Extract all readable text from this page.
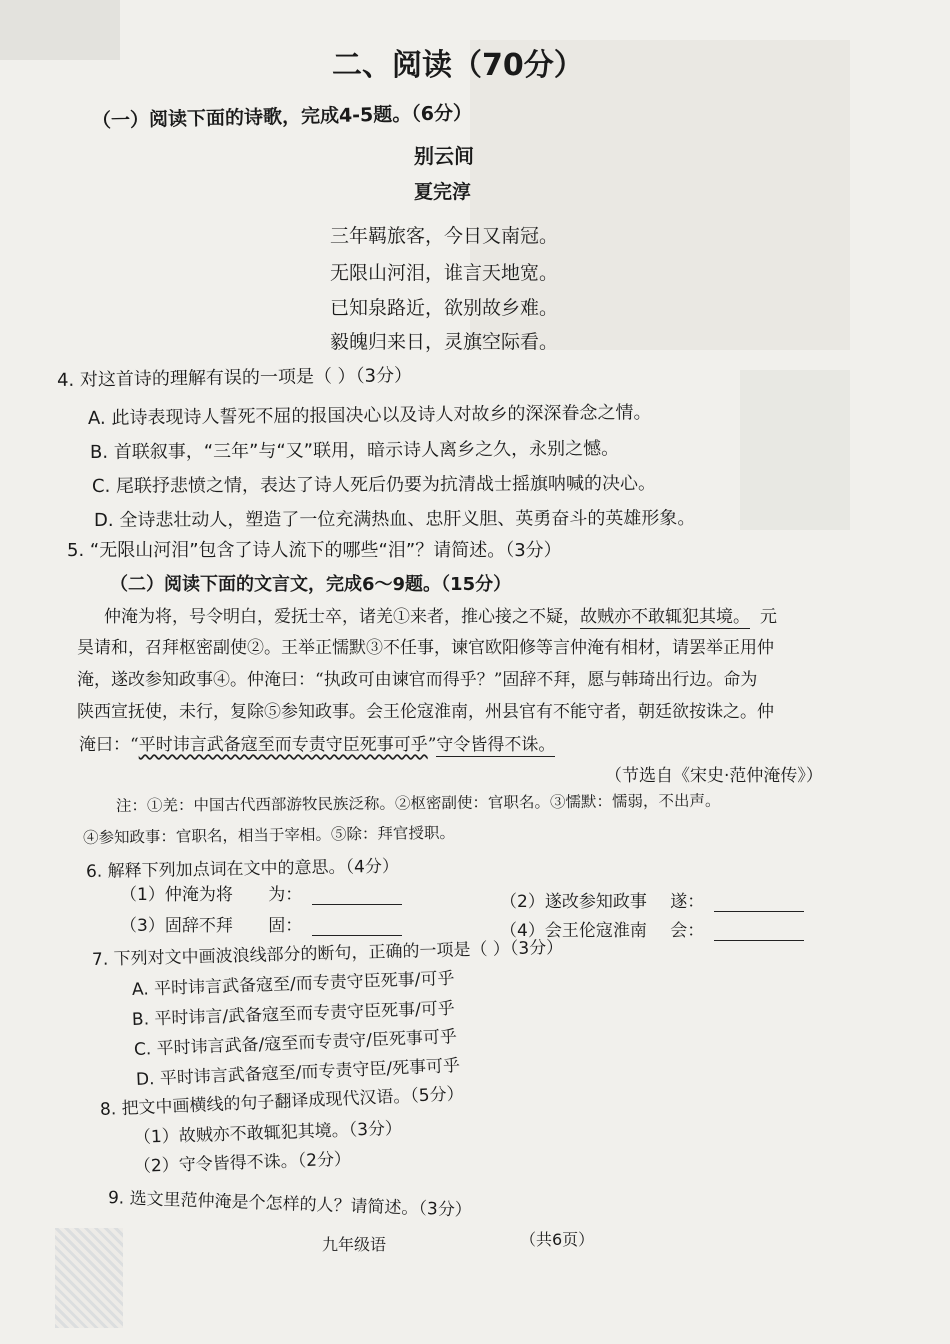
二、阅读（70分）
（一）阅读下面的诗歌，完成4-5题。（6分）
别云间
夏完淳
三年羁旅客，今日又南冠。
无限山河泪，谁言天地宽。
已知泉路近，欲别故乡难。
毅魄归来日，灵旗空际看。
4. 对这首诗的理解有误的一项是（ ）（3分）
A. 此诗表现诗人誓死不屈的报国决心以及诗人对故乡的深深眷念之情。
B. 首联叙事，“三年”与“又”联用，暗示诗人离乡之久，永别之憾。
C. 尾联抒悲愤之情，表达了诗人死后仍要为抗清战士摇旗呐喊的决心。
D. 全诗悲壮动人，塑造了一位充满热血、忠肝义胆、英勇奋斗的英雄形象。
5. “无限山河泪”包含了诗人流下的哪些“泪”？请简述。（3分）
（二）阅读下面的文言文，完成6～9题。（15分）
仲淹为将，号令明白，爱抚士卒，诸羌①来者，推心接之不疑，故贼亦不敢辄犯其境。 元
昊请和，召拜枢密副使②。王举正懦默③不任事，谏官欧阳修等言仲淹有相材，请罢举正用仲
淹，遂改参知政事④。仲淹曰：“执政可由谏官而得乎？”固辞不拜，愿与韩琦出行边。命为
陕西宣抚使，未行，复除⑤参知政事。会王伦寇淮南，州县官有不能守者，朝廷欲按诛之。仲
淹曰：“平时讳言武备寇至而专责守臣死事可乎”守令皆得不诛。
（节选自《宋史·范仲淹传》）
注：①羌：中国古代西部游牧民族泛称。②枢密副使：官职名。③懦默：懦弱，不出声。
④参知政事：官职名，相当于宰相。⑤除：拜官授职。
6. 解释下列加点词在文中的意思。（4分）
（1）仲淹为将 为：
（3）固辞不拜 固：
（2）遂改参知政事 遂：
（4）会王伦寇淮南 会：
7. 下列对文中画波浪线部分的断句，正确的一项是（ ）（3分）
A. 平时讳言武备寇至/而专责守臣死事/可乎
B. 平时讳言/武备寇至而专责守臣死事/可乎
C. 平时讳言武备/寇至而专责守/臣死事可乎
D. 平时讳言武备寇至/而专责守臣/死事可乎
8. 把文中画横线的句子翻译成现代汉语。（5分）
（1）故贼亦不敢辄犯其境。（3分）
（2）守令皆得不诛。（2分）
9. 选文里范仲淹是个怎样的人？请简述。（3分）
九年级语	（共6页）
